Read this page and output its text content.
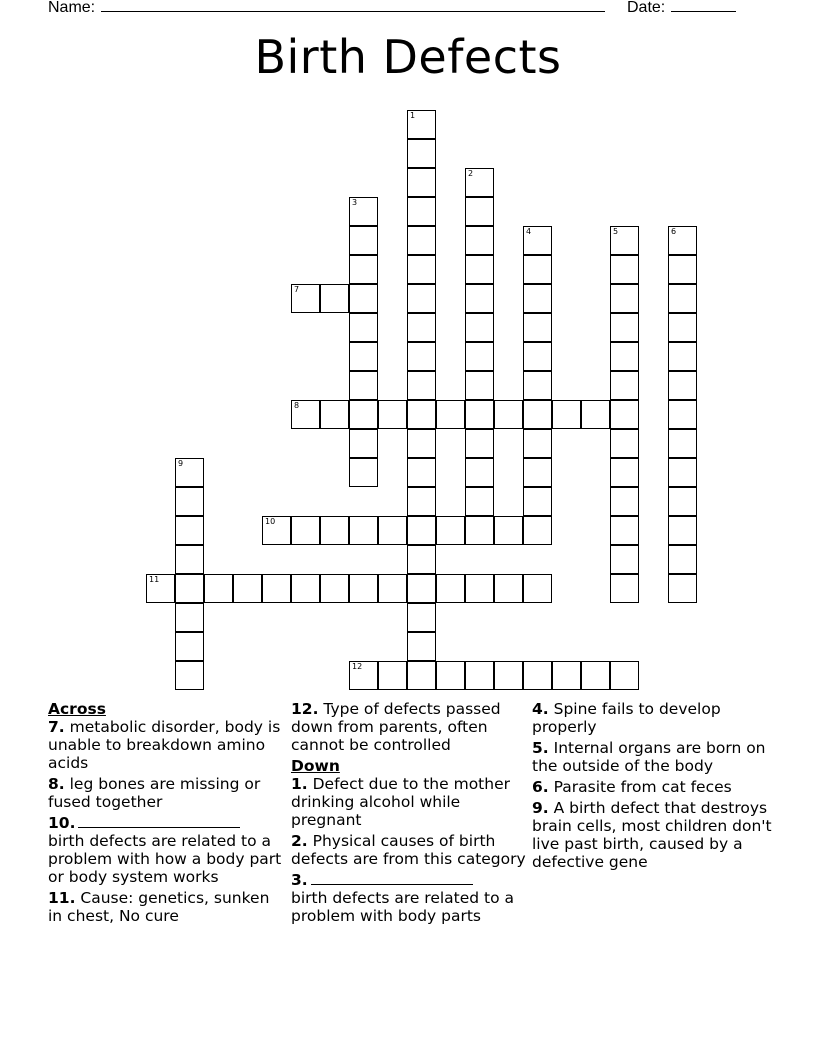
Name:	Date:
Birth Defects
1
2
3
4	5	6
7
8
9
10
11
12
Across
7. metabolic disorder, body is unable to breakdown amino acids
8. leg bones are missing or fused together
10.
birth defects are related to a problem with how a body part or body system works
11. Cause: genetics, sunken in chest, No cure
12. Type of defects passed down from parents, often cannot be controlled
Down
1. Defect due to the mother drinking alcohol while pregnant
2. Physical causes of birth defects are from this category
3.
birth defects are related to a problem with body parts
4. Spine fails to develop properly
5. Internal organs are born on the outside of the body
6. Parasite from cat feces
9. A birth defect that destroys brain cells, most children don't live past birth, caused by a defective gene
